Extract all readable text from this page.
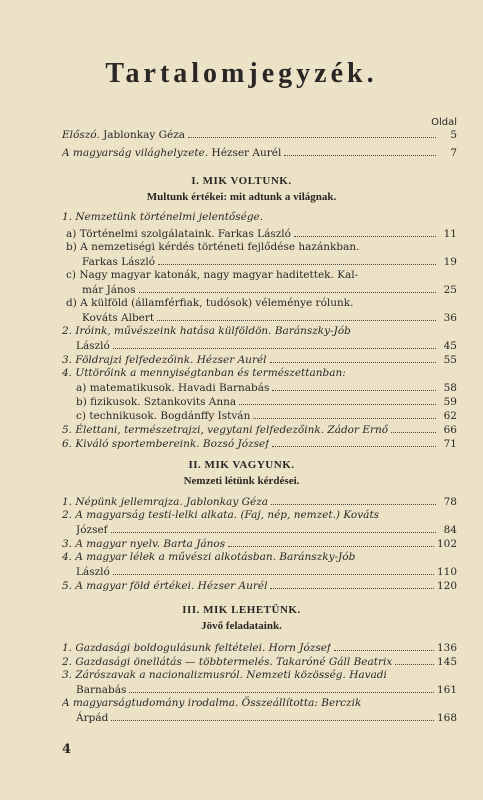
Tartalomjegyzék.
Oldal
Előszó. Jablonkay Géza	5
A magyarság világhelyzete. Hézser Aurél	7
I. MIK VOLTUNK.
Multunk értékei: mit adtunk a világnak.
1. Nemzetünk történelmi jelentősége.
a) Történelmi szolgálataink. Farkas László	11
b) A nemzetiségi kérdés történeti fejlődése hazánkban.
Farkas László	19
c) Nagy magyar katonák, nagy magyar haditettek. Kal-
már János	25
d) A külföld (államférfiak, tudósok) véleménye rólunk.
Kováts Albert	36
2. Iróink, művészeink hatása külföldön. Baránszky-Jób
László	45
3. Földrajzi felfedezőink. Hézser Aurél	55
4. Uttörőink a mennyiségtanban és természettanban:
a) matematikusok. Havadi Barnabás	58
b) fizikusok. Sztankovits Anna	59
c) technikusok. Bogdánffy István	62
5. Élettani, természetrajzi, vegytani felfedezőink. Zádor Ernő	66
6. Kiváló sportembereink. Bozsó József	71
II. MIK VAGYUNK.
Nemzeti létünk kérdései.
1. Népünk jellemrajza. Jablonkay Géza	78
2. A magyarság testi-lelki alkata. (Faj, nép, nemzet.) Kováts
József	84
3. A magyar nyelv. Barta János	102
4. A magyar lélek a művészi alkotásban. Baránszky-Jób
László	110
5. A magyar föld értékei. Hézser Aurél	120
III. MIK LEHETÜNK.
Jövő feladataink.
1. Gazdasági boldogulásunk feltételei. Horn József	136
2. Gazdasági önellátás — többtermelés. Takaróné Gáll Beatrix	145
3. Zárószavak a nacionalizmusról. Nemzeti közösség. Havadi
Barnabás	161
A magyarságtudomány irodalma. Összeállította: Berczik
Árpád	168
4
